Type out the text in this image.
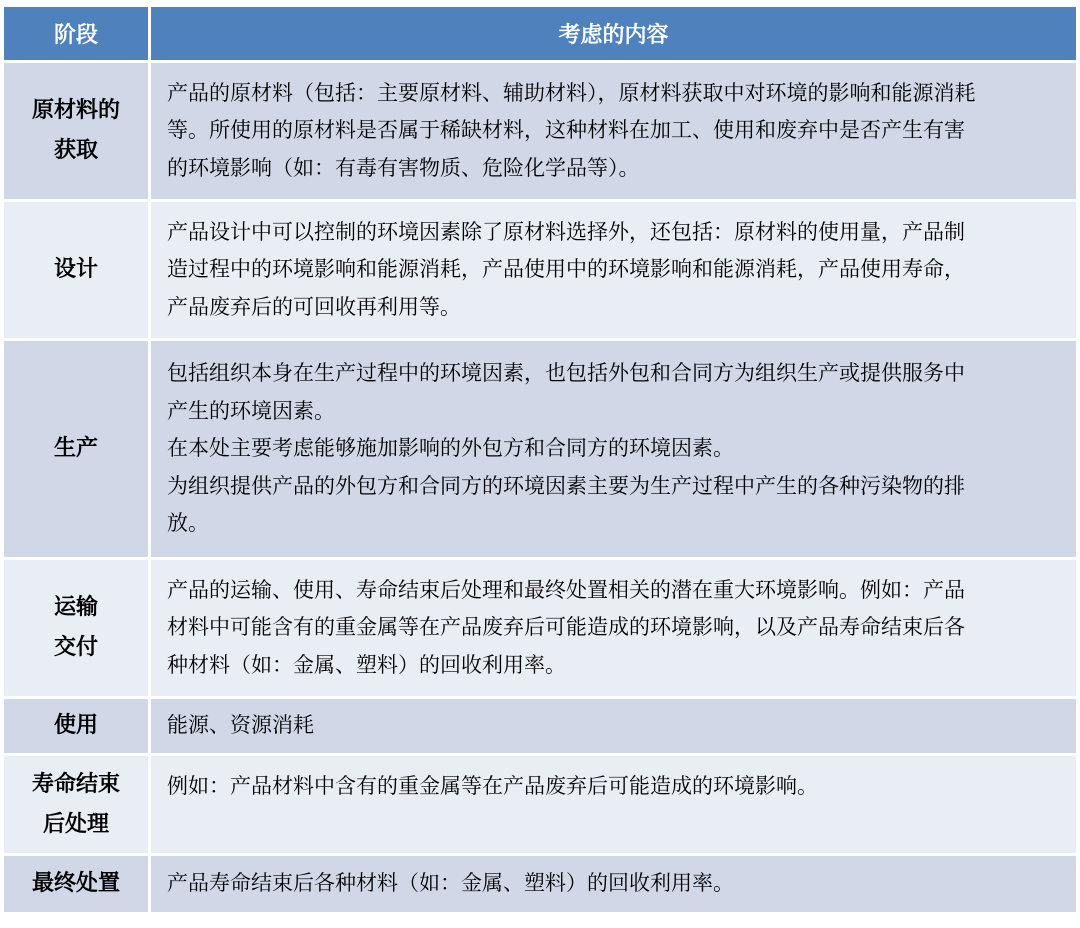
阶段	考虑的内容

原材料的
获取	产品的原材料（包括：主要原材料、辅助材料），原材料获取中对环境的影响和能源消耗
等。所使用的原材料是否属于稀缺材料，这种材料在加工、使用和废弃中是否产生有害
的环境影响（如：有毒有害物质、危险化学品等）。

设计	产品设计中可以控制的环境因素除了原材料选择外，还包括：原材料的使用量，产品制
造过程中的环境影响和能源消耗，产品使用中的环境影响和能源消耗，产品使用寿命，
产品废弃后的可回收再利用等。

生产	包括组织本身在生产过程中的环境因素，也包括外包和合同方为组织生产或提供服务中
产生的环境因素。
在本处主要考虑能够施加影响的外包方和合同方的环境因素。
为组织提供产品的外包方和合同方的环境因素主要为生产过程中产生的各种污染物的排
放。

运输
交付	产品的运输、使用、寿命结束后处理和最终处置相关的潜在重大环境影响。例如：产品
材料中可能含有的重金属等在产品废弃后可能造成的环境影响，以及产品寿命结束后各
种材料（如：金属、塑料）的回收利用率。

使用	能源、资源消耗

寿命结束
后处理	例如：产品材料中含有的重金属等在产品废弃后可能造成的环境影响。

最终处置	产品寿命结束后各种材料（如：金属、塑料）的回收利用率。
